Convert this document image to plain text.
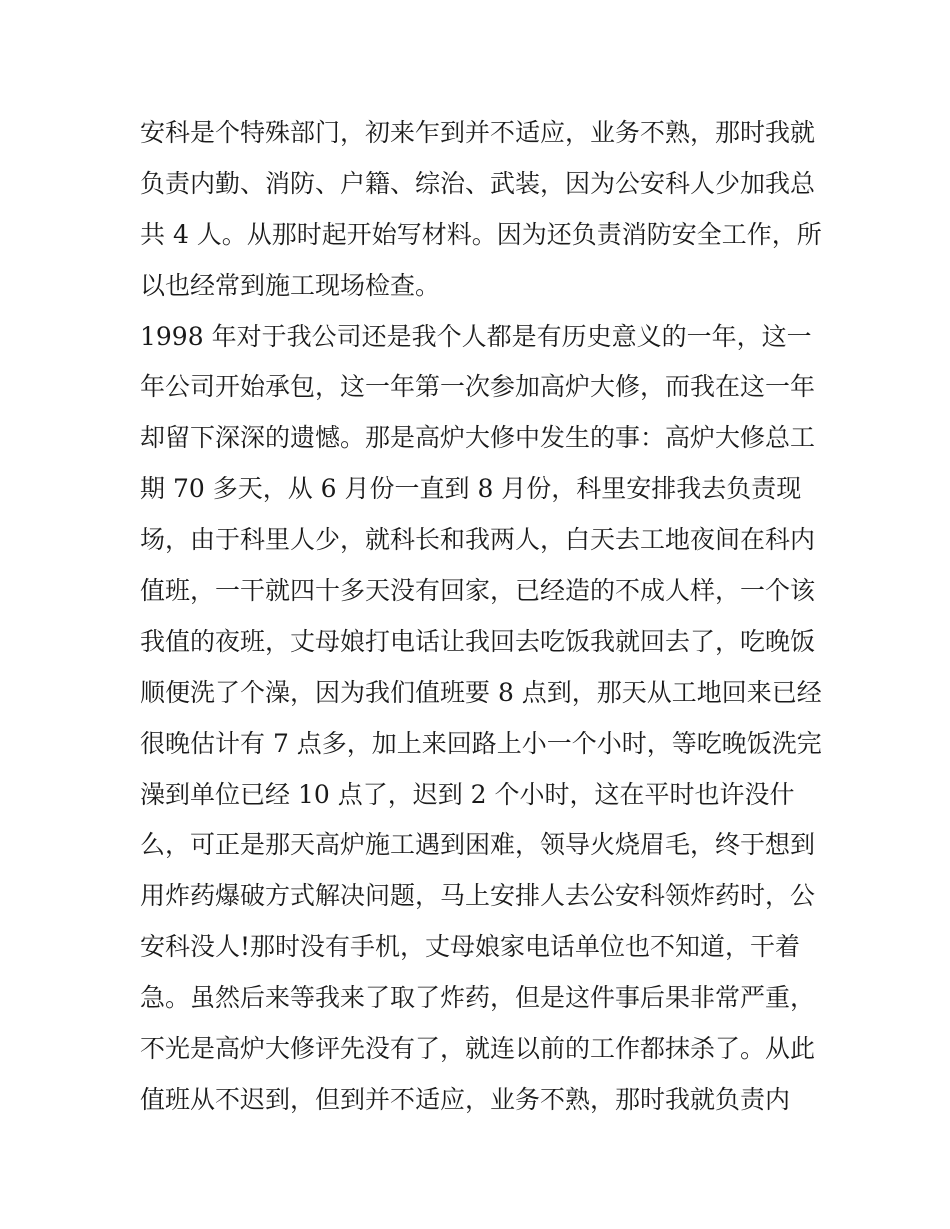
安科是个特殊部门，初来乍到并不适应，业务不熟，那时我就
负责内勤、消防、户籍、综治、武装，因为公安科人少加我总
共 4 人。从那时起开始写材料。因为还负责消防安全工作，所
以也经常到施工现场检查。
1998 年对于我公司还是我个人都是有历史意义的一年，这一
年公司开始承包，这一年第一次参加高炉大修，而我在这一年
却留下深深的遗憾。那是高炉大修中发生的事：高炉大修总工
期 70 多天，从 6 月份一直到 8 月份，科里安排我去负责现
场，由于科里人少，就科长和我两人，白天去工地夜间在科内
值班，一干就四十多天没有回家，已经造的不成人样，一个该
我值的夜班，丈母娘打电话让我回去吃饭我就回去了，吃晚饭
顺便洗了个澡，因为我们值班要 8 点到，那天从工地回来已经
很晚估计有 7 点多，加上来回路上小一个小时，等吃晚饭洗完
澡到单位已经 10 点了，迟到 2 个小时，这在平时也许没什
么，可正是那天高炉施工遇到困难，领导火烧眉毛，终于想到
用炸药爆破方式解决问题，马上安排人去公安科领炸药时，公
安科没人!那时没有手机，丈母娘家电话单位也不知道，干着
急。虽然后来等我来了取了炸药，但是这件事后果非常严重，
不光是高炉大修评先没有了，就连以前的工作都抹杀了。从此
值班从不迟到，但到并不适应，业务不熟，那时我就负责内
